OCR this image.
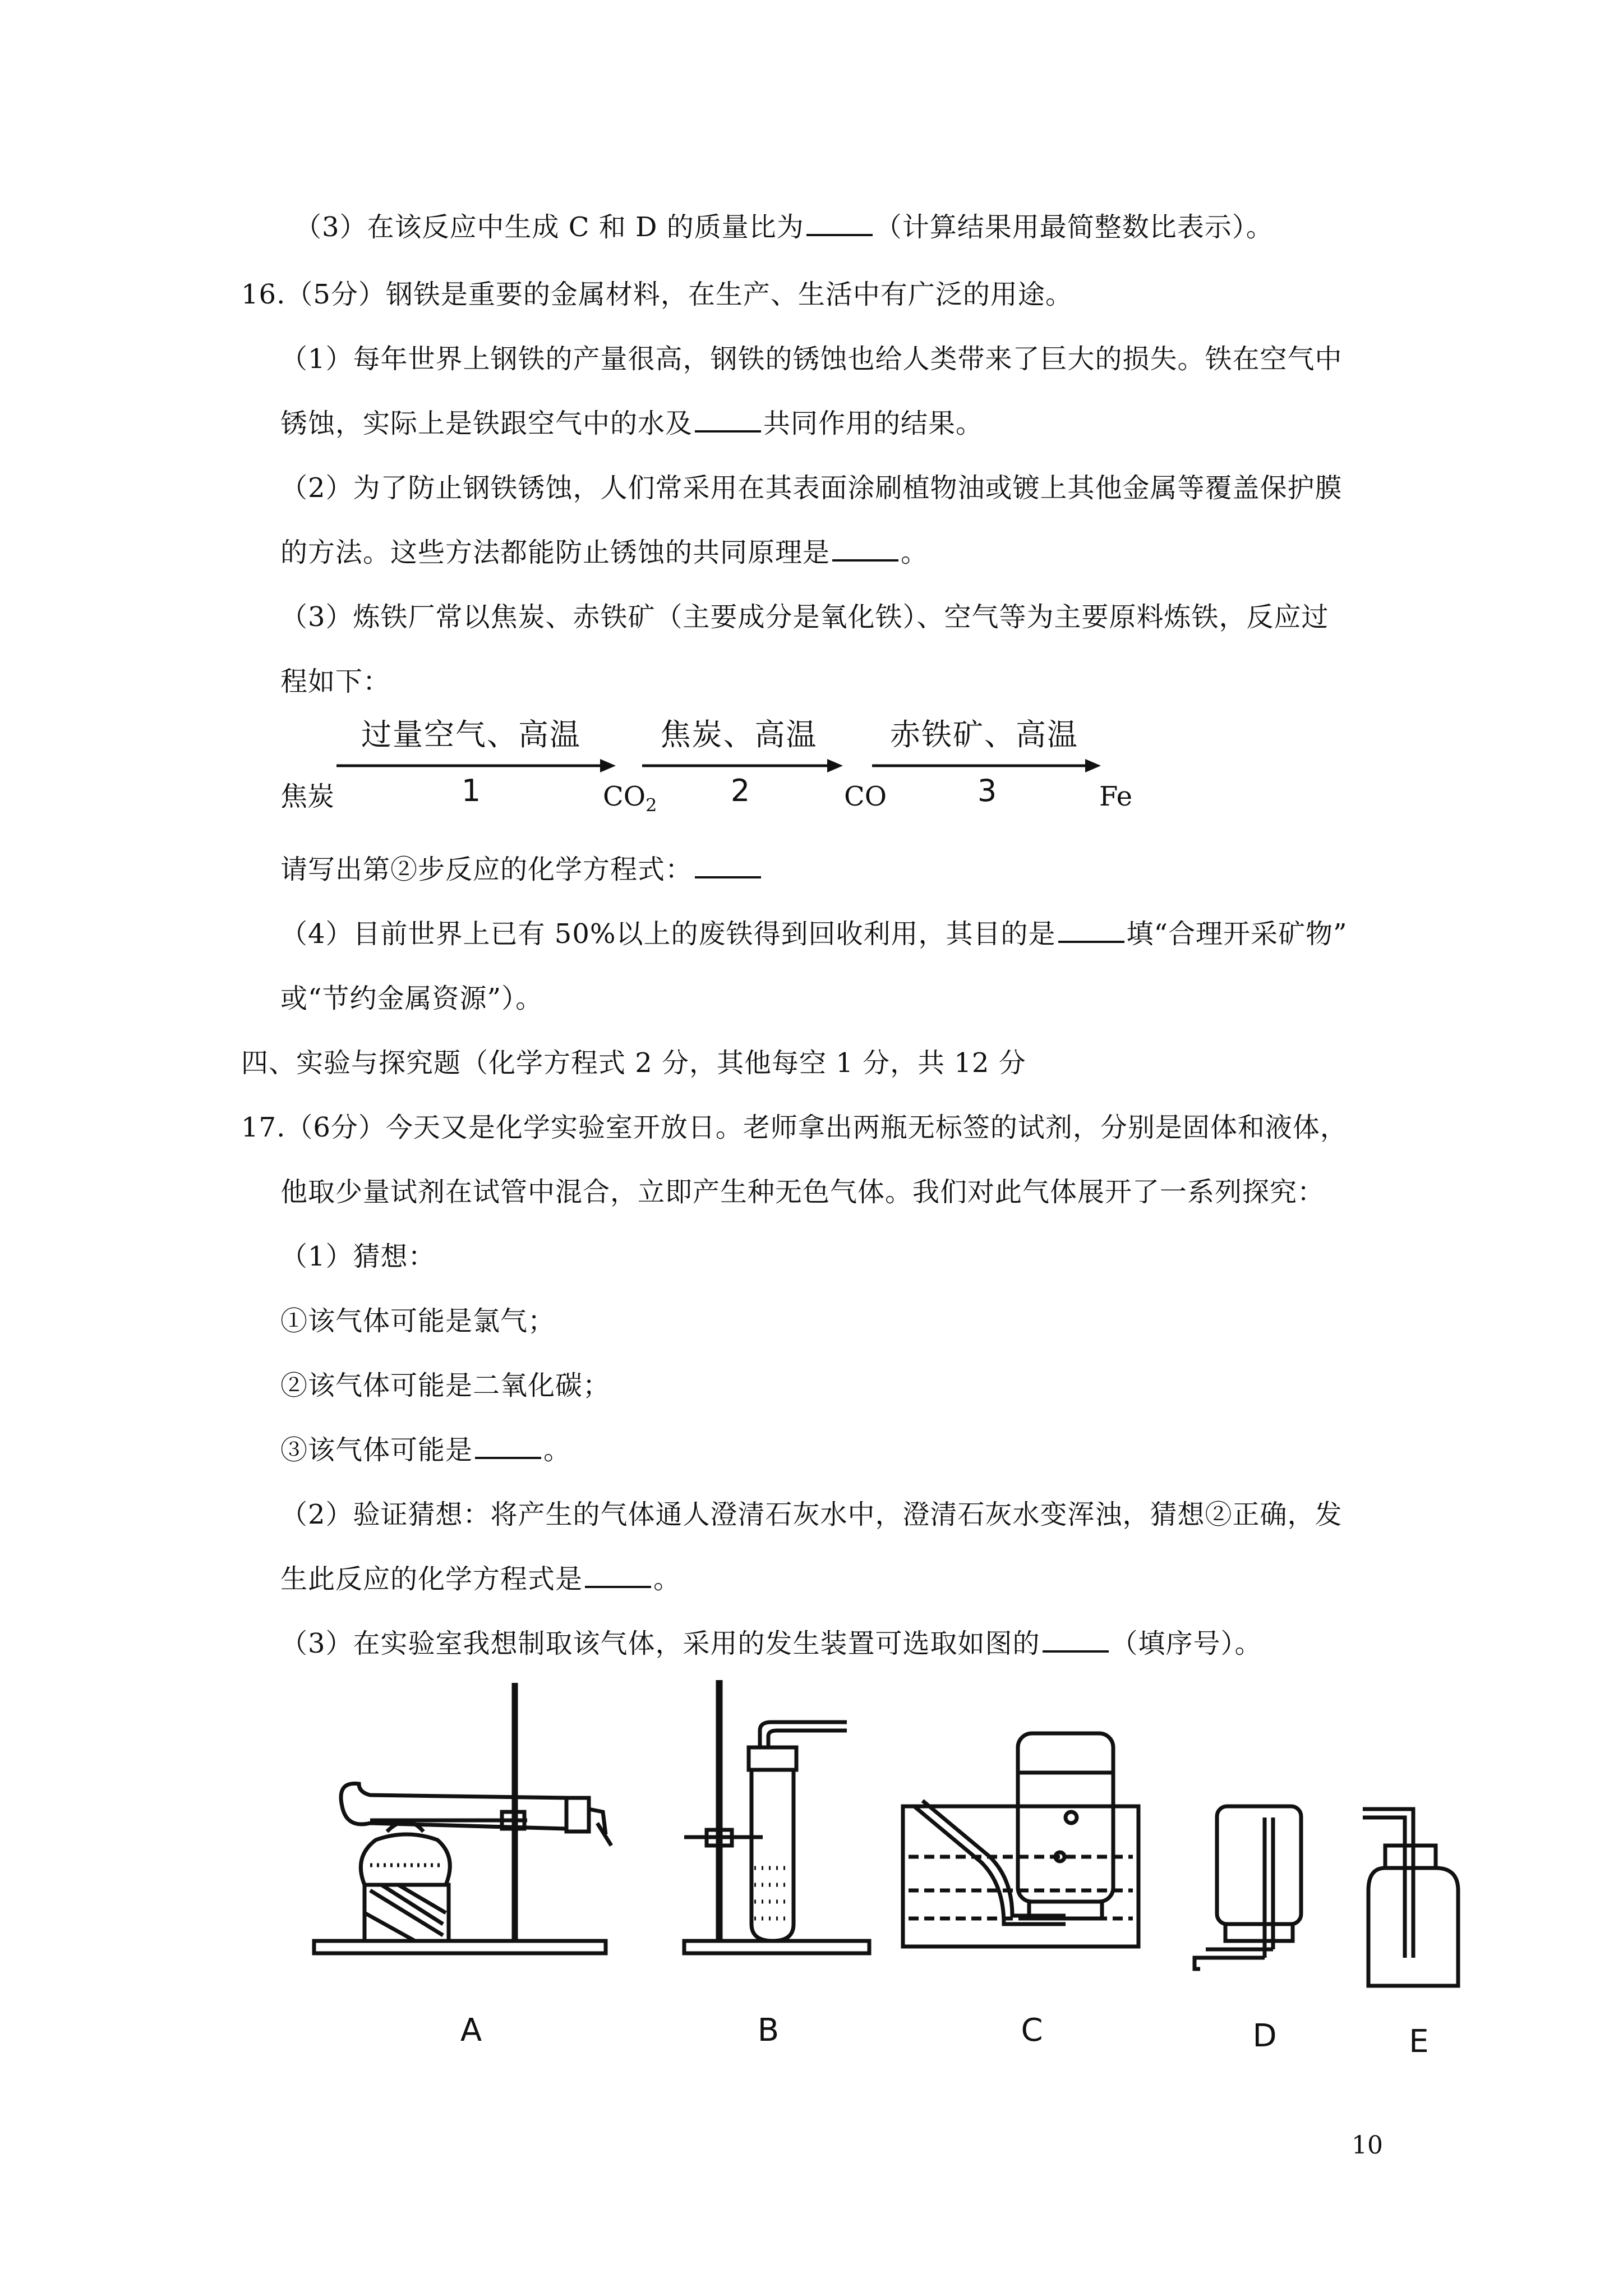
（3）在该反应中生成 C 和 D 的质量比为	（计算结果用最简整数比表示）。
16.（5分）钢铁是重要的金属材料，在生产、生活中有广泛的用途。
（1）每年世界上钢铁的产量很高，钢铁的锈蚀也给人类带来了巨大的损失。铁在空气中
锈蚀，实际上是铁跟空气中的水及	共同作用的结果。
（2）为了防止钢铁锈蚀，人们常采用在其表面涂刷植物油或镀上其他金属等覆盖保护膜
的方法。这些方法都能防止锈蚀的共同原理是	。
（3）炼铁厂常以焦炭、赤铁矿（主要成分是氧化铁）、空气等为主要原料炼铁，反应过
程如下：
焦炭
过量空气、高温
1	$CO_2$
焦炭、高温
2	CO
赤铁矿、高温
3	Fe
请写出第②步反应的化学方程式：
（4）目前世界上已有 50%以上的废铁得到回收利用，其目的是	填“合理开采矿物”
或“节约金属资源”）。
四、实验与探究题（化学方程式 2 分，其他每空 1 分，共 12 分
17.（6分）今天又是化学实验室开放日。老师拿出两瓶无标签的试剂，分别是固体和液体，
他取少量试剂在试管中混合，立即产生种无色气体。我们对此气体展开了一系列探究：
（1）猜想：
①该气体可能是氯气；
②该气体可能是二氧化碳；
③该气体可能是	。
（2）验证猜想：将产生的气体通人澄清石灰水中，澄清石灰水变浑浊，猜想②正确，发
生此反应的化学方程式是	。
（3）在实验室我想制取该气体，采用的发生装置可选取如图的	（填序号）。
A	B	C	D	E
10
